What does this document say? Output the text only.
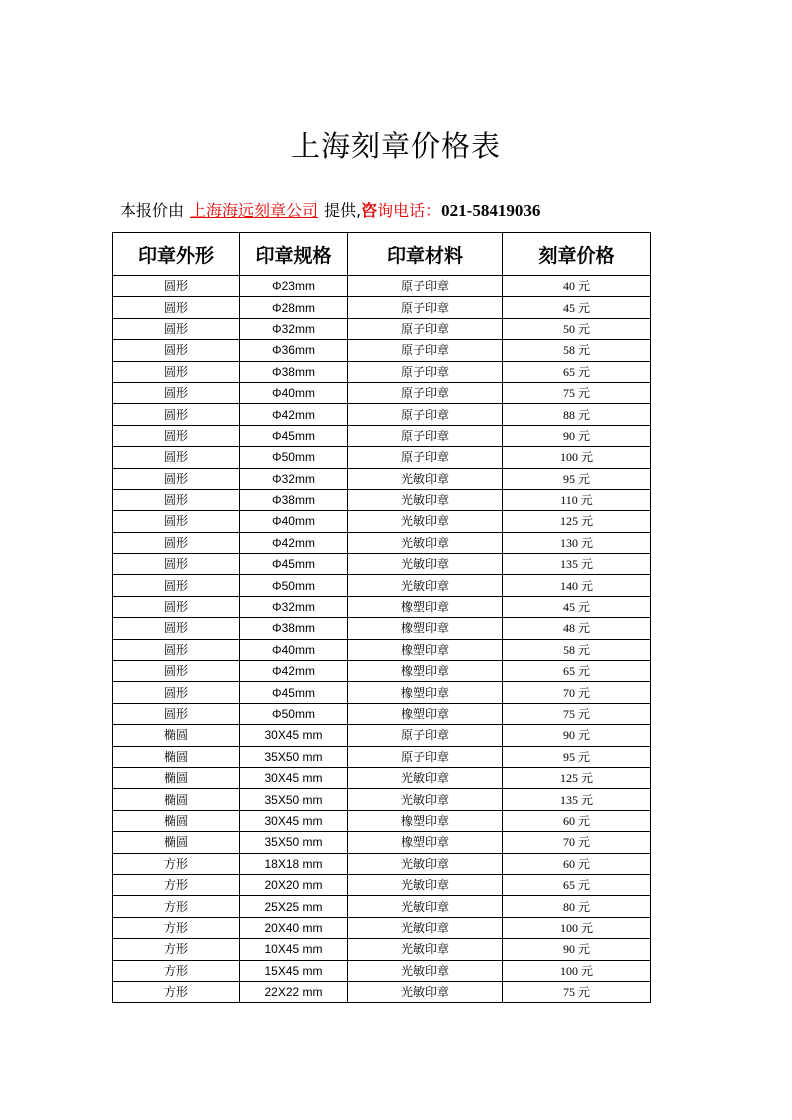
上海刻章价格表
本报价由 上海海远刻章公司 提供,咨询电话：021-58419036
印章外形	印章规格	印章材料	刻章价格
圆形	Φ23mm	原子印章	40 元
圆形	Φ28mm	原子印章	45 元
圆形	Φ32mm	原子印章	50 元
圆形	Φ36mm	原子印章	58 元
圆形	Φ38mm	原子印章	65 元
圆形	Φ40mm	原子印章	75 元
圆形	Φ42mm	原子印章	88 元
圆形	Φ45mm	原子印章	90 元
圆形	Φ50mm	原子印章	100 元
圆形	Φ32mm	光敏印章	95 元
圆形	Φ38mm	光敏印章	110 元
圆形	Φ40mm	光敏印章	125 元
圆形	Φ42mm	光敏印章	130 元
圆形	Φ45mm	光敏印章	135 元
圆形	Φ50mm	光敏印章	140 元
圆形	Φ32mm	橡塑印章	45 元
圆形	Φ38mm	橡塑印章	48 元
圆形	Φ40mm	橡塑印章	58 元
圆形	Φ42mm	橡塑印章	65 元
圆形	Φ45mm	橡塑印章	70 元
圆形	Φ50mm	橡塑印章	75 元
椭圆	30X45 mm	原子印章	90 元
椭圆	35X50 mm	原子印章	95 元
椭圆	30X45 mm	光敏印章	125 元
椭圆	35X50 mm	光敏印章	135 元
椭圆	30X45 mm	橡塑印章	60 元
椭圆	35X50 mm	橡塑印章	70 元
方形	18X18 mm	光敏印章	60 元
方形	20X20 mm	光敏印章	65 元
方形	25X25 mm	光敏印章	80 元
方形	20X40 mm	光敏印章	100 元
方形	10X45 mm	光敏印章	90 元
方形	15X45 mm	光敏印章	100 元
方形	22X22 mm	光敏印章	75 元
